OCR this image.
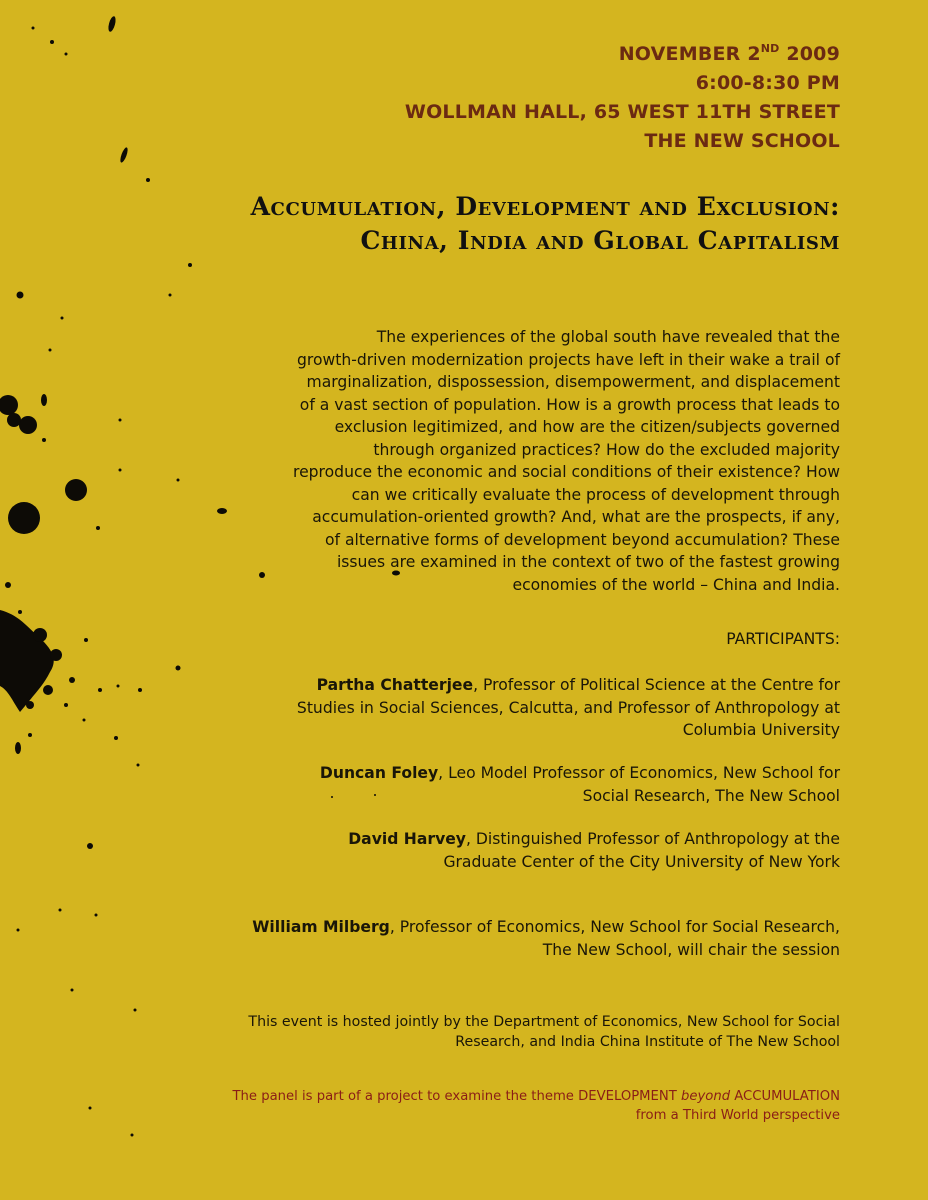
NOVEMBER 2ND 2009
6:00-8:30 PM
WOLLMAN HALL, 65 WEST 11TH STREET
THE NEW SCHOOL
Accumulation, Development and Exclusion:
China, India and Global Capitalism
The experiences of the global south have revealed that the
growth-driven modernization projects have left in their wake a trail of
marginalization, dispossession, disempowerment, and displacement
of a vast section of population. How is a growth process that leads to
exclusion legitimized, and how are the citizen/subjects governed
through organized practices? How do the excluded majority
reproduce the economic and social conditions of their existence? How
can we critically evaluate the process of development through
accumulation-oriented growth? And, what are the prospects, if any,
of alternative forms of development beyond accumulation? These
issues are examined in the context of two of the fastest growing
economies of the world – China and India.
PARTICIPANTS:
Partha Chatterjee, Professor of Political Science at the Centre for
Studies in Social Sciences, Calcutta, and Professor of Anthropology at
Columbia University
Duncan Foley, Leo Model Professor of Economics, New School for
Social Research, The New School
David Harvey, Distinguished Professor of Anthropology at the
Graduate Center of the City University of New York
William Milberg, Professor of Economics, New School for Social Research,
The New School, will chair the session
This event is hosted jointly by the Department of Economics, New School for Social
Research, and India China Institute of The New School
The panel is part of a project to examine the theme DEVELOPMENT beyond ACCUMULATION
from a Third World perspective
